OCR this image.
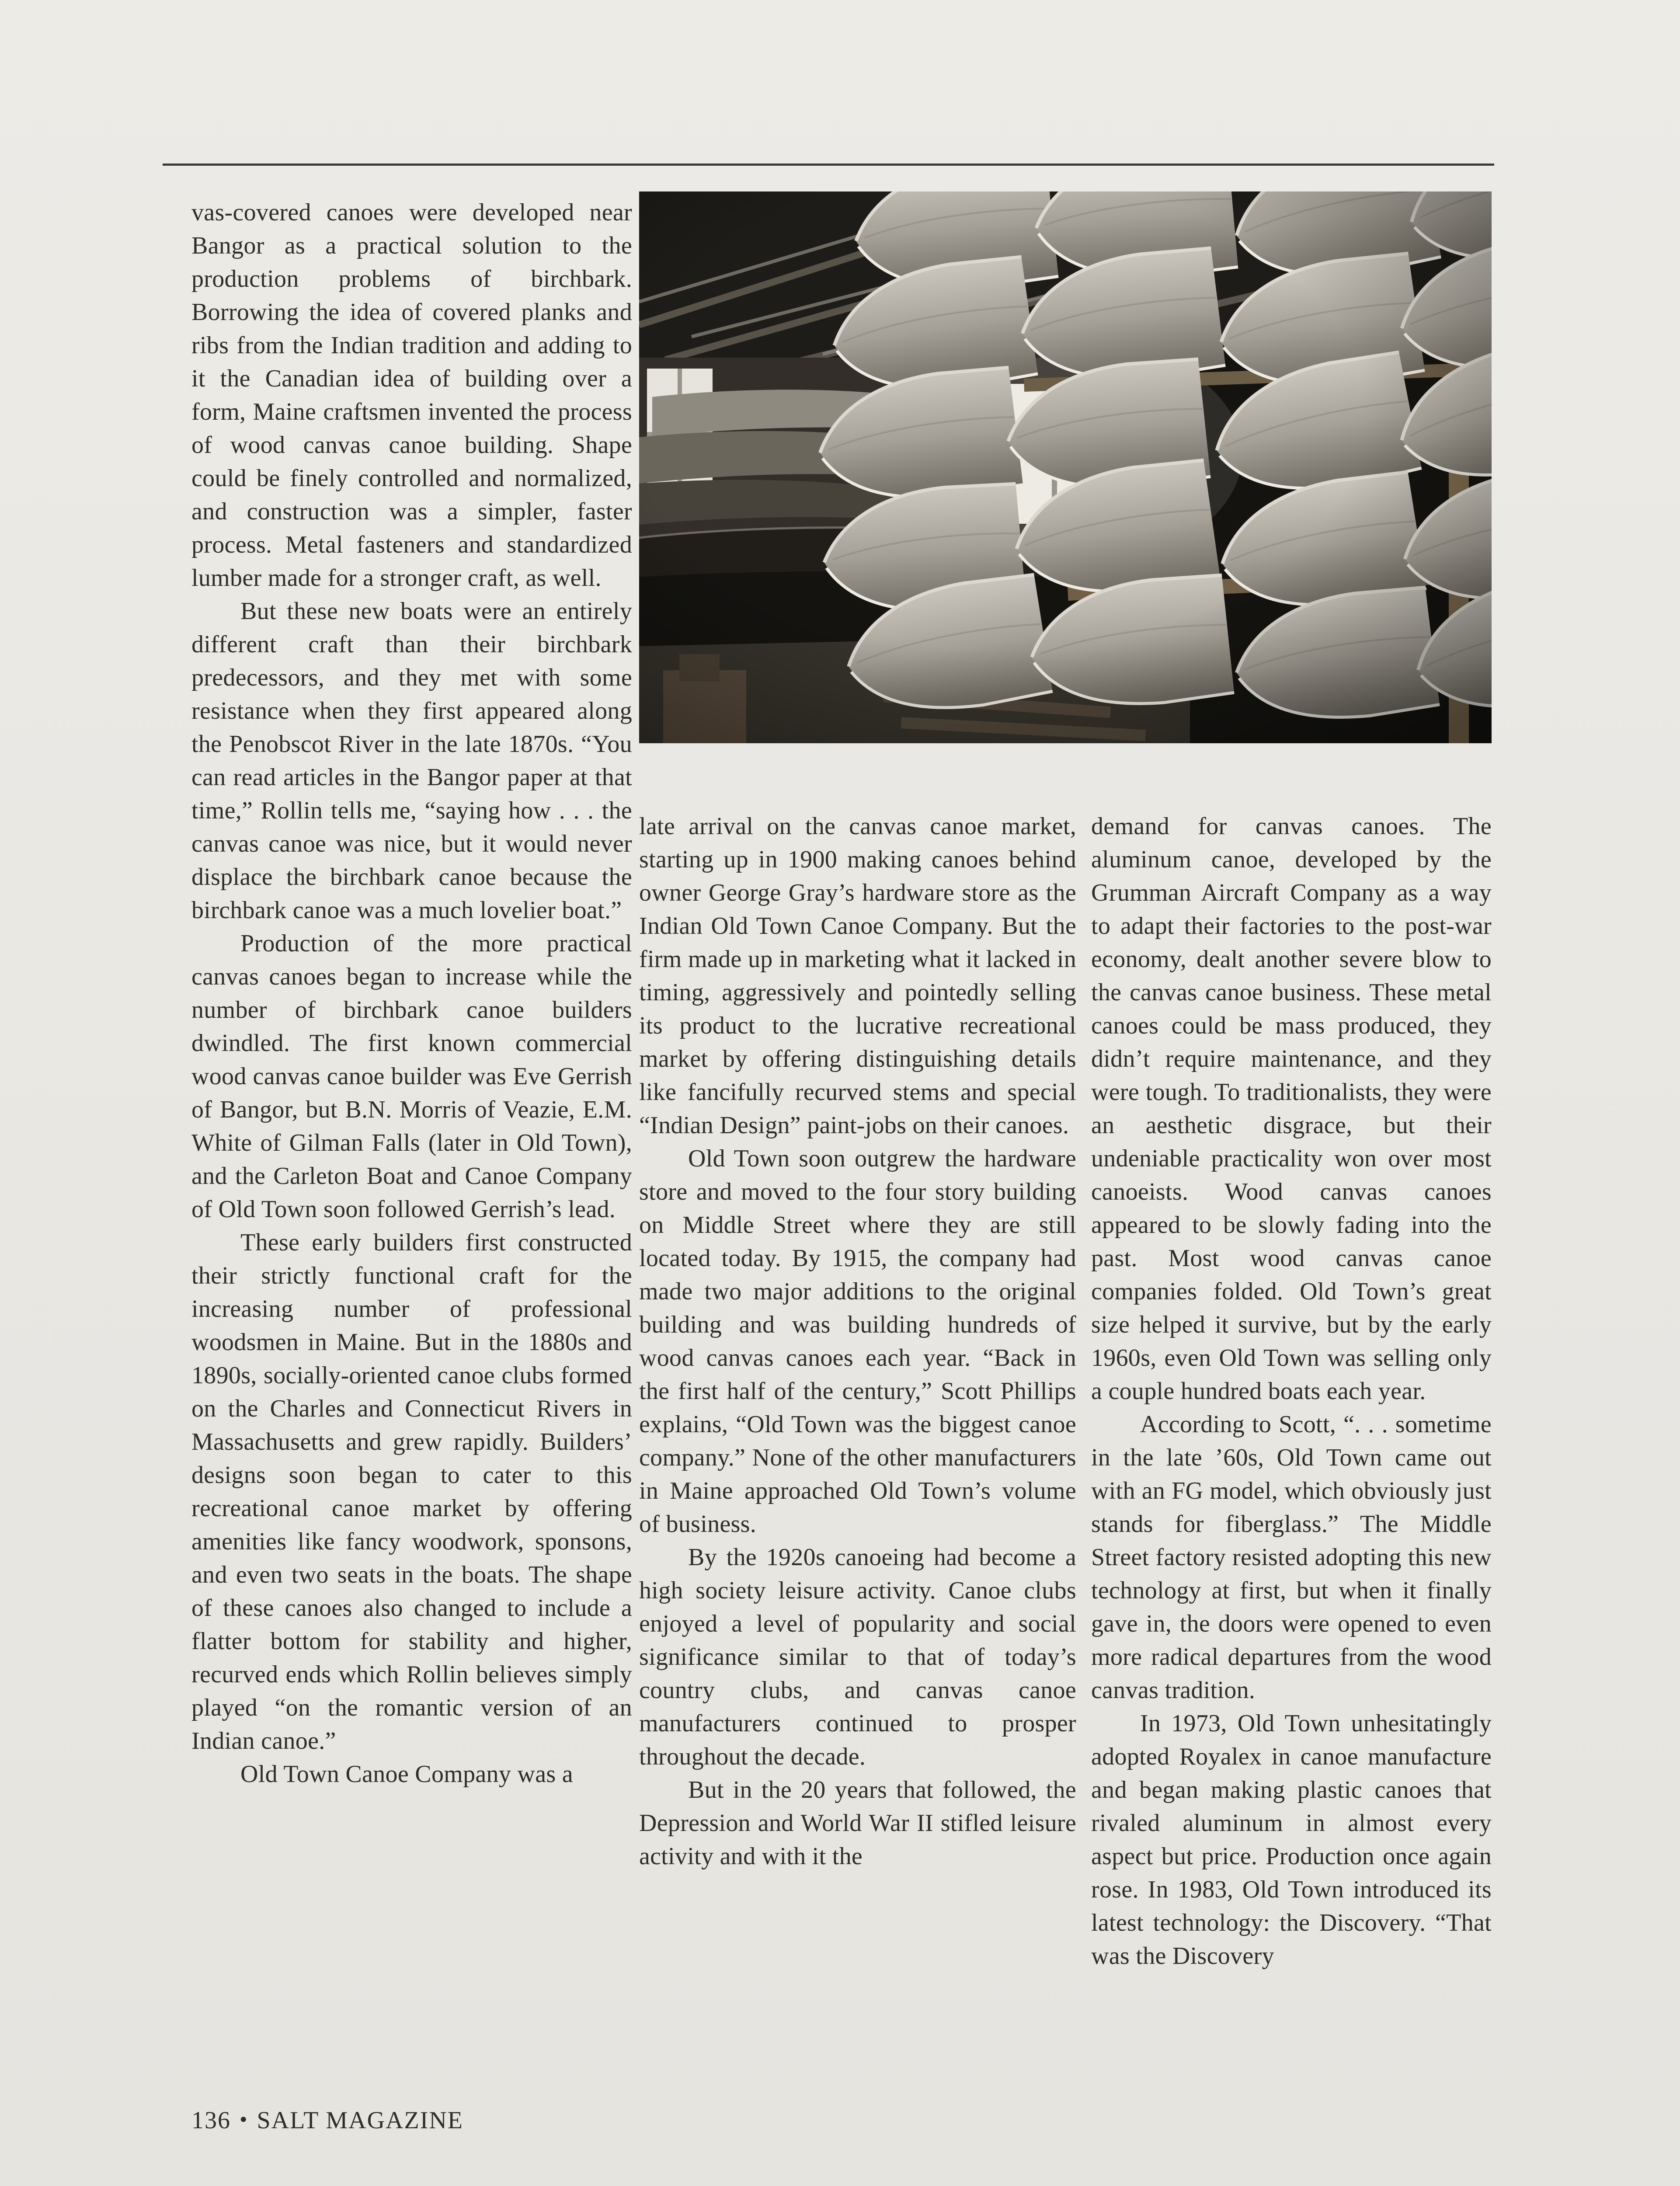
vas-covered canoes were developed near Bangor as a practical solution to the production problems of birchbark. Borrowing the idea of covered planks and ribs from the Indian tradition and adding to it the Canadian idea of building over a form, Maine craftsmen invented the process of wood canvas canoe building. Shape could be finely controlled and normalized, and construction was a simpler, faster process. Metal fasteners and standardized lumber made for a stronger craft, as well.

But these new boats were an entirely different craft than their birchbark predecessors, and they met with some resistance when they first appeared along the Penobscot River in the late 1870s. “You can read articles in the Bangor paper at that time,” Rollin tells me, “saying how . . . the canvas canoe was nice, but it would never displace the birchbark canoe because the birchbark canoe was a much lovelier boat.”

Production of the more practical canvas canoes began to increase while the number of birchbark canoe builders dwindled. The first known commercial wood canvas canoe builder was Eve Gerrish of Bangor, but B.N. Morris of Veazie, E.M. White of Gilman Falls (later in Old Town), and the Carleton Boat and Canoe Company of Old Town soon followed Gerrish’s lead.

These early builders first constructed their strictly functional craft for the increasing number of professional woodsmen in Maine. But in the 1880s and 1890s, socially-oriented canoe clubs formed on the Charles and Connecticut Rivers in Massachusetts and grew rapidly. Builders’ designs soon began to cater to this recreational canoe market by offering amenities like fancy woodwork, sponsons, and even two seats in the boats. The shape of these canoes also changed to include a flatter bottom for stability and higher, recurved ends which Rollin believes simply played “on the romantic version of an Indian canoe.”

Old Town Canoe Company was a

late arrival on the canvas canoe market, starting up in 1900 making canoes behind owner George Gray’s hardware store as the Indian Old Town Canoe Company. But the firm made up in marketing what it lacked in timing, aggressively and pointedly selling its product to the lucrative recreational market by offering distinguishing details like fancifully recurved stems and special “Indian Design” paint-jobs on their canoes.

Old Town soon outgrew the hardware store and moved to the four story building on Middle Street where they are still located today. By 1915, the company had made two major additions to the original building and was building hundreds of wood canvas canoes each year. “Back in the first half of the century,” Scott Phillips explains, “Old Town was the biggest canoe company.” None of the other manufacturers in Maine approached Old Town’s volume of business.

By the 1920s canoeing had become a high society leisure activity. Canoe clubs enjoyed a level of popularity and social significance similar to that of today’s country clubs, and canvas canoe manufacturers continued to prosper throughout the decade.

But in the 20 years that followed, the Depression and World War II stifled leisure activity and with it the

demand for canvas canoes. The aluminum canoe, developed by the Grumman Aircraft Company as a way to adapt their factories to the post-war economy, dealt another severe blow to the canvas canoe business. These metal canoes could be mass produced, they didn’t require maintenance, and they were tough. To traditionalists, they were an aesthetic disgrace, but their undeniable practicality won over most canoeists. Wood canvas canoes appeared to be slowly fading into the past. Most wood canvas canoe companies folded. Old Town’s great size helped it survive, but by the early 1960s, even Old Town was selling only a couple hundred boats each year.

According to Scott, “. . . sometime in the late ’60s, Old Town came out with an FG model, which obviously just stands for fiberglass.” The Middle Street factory resisted adopting this new technology at first, but when it finally gave in, the doors were opened to even more radical departures from the wood canvas tradition.

In 1973, Old Town unhesitatingly adopted Royalex in canoe manufacture and began making plastic canoes that rivaled aluminum in almost every aspect but price. Production once again rose. In 1983, Old Town introduced its latest technology: the Discovery. “That was the Discovery

136 • SALT MAGAZINE
